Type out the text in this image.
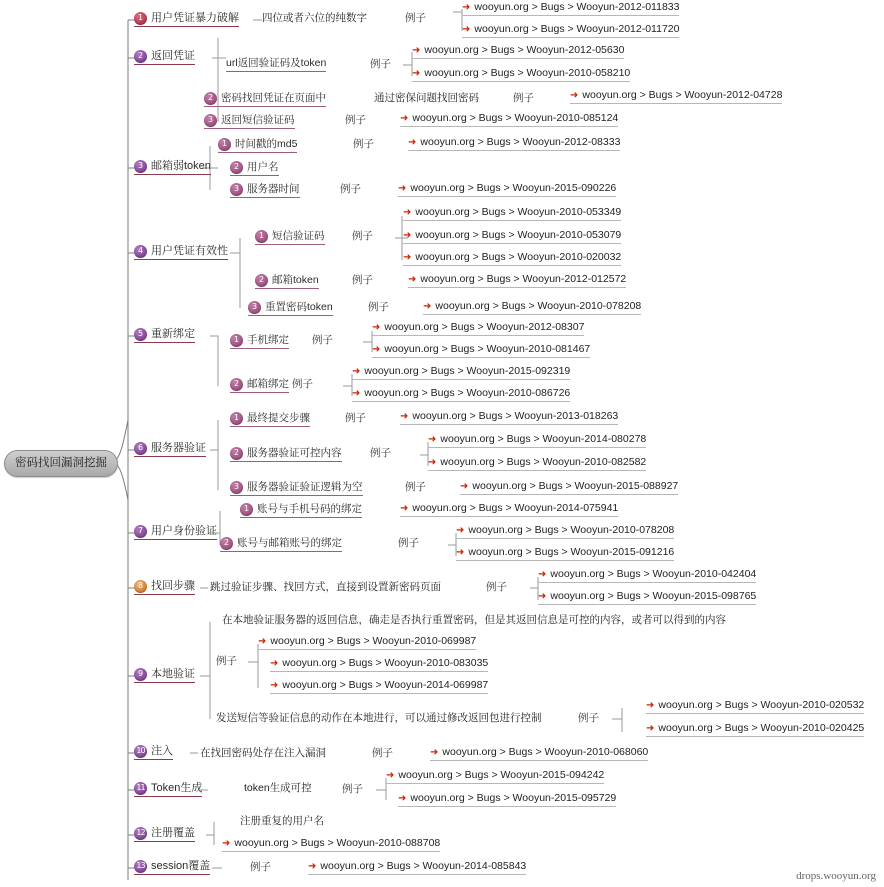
密码找回漏洞挖掘
1 用户凭证暴力破解 四位或者六位的纯数字	例子
➜ wooyun.org > Bugs > Wooyun-2012-011833
➜ wooyun.org > Bugs > Wooyun-2012-011720
2 返回凭证
url返回验证码及token	例子
➜ wooyun.org > Bugs > Wooyun-2012-05630
➜ wooyun.org > Bugs > Wooyun-2010-058210
2 密码找回凭证在页面中	通过密保问题找回密码	例子	➜ wooyun.org > Bugs > Wooyun-2012-04728
3 返回短信验证码	例子	➜ wooyun.org > Bugs > Wooyun-2010-085124
3 邮箱弱token
1 时间戳的md5	例子	➜ wooyun.org > Bugs > Wooyun-2012-08333
2 用户名
3 服务器时间	例子	➜ wooyun.org > Bugs > Wooyun-2015-090226
4 用户凭证有效性
1 短信验证码	例子
➜ wooyun.org > Bugs > Wooyun-2010-053349
➜ wooyun.org > Bugs > Wooyun-2010-053079
➜ wooyun.org > Bugs > Wooyun-2010-020032
2 邮箱token	例子	➜ wooyun.org > Bugs > Wooyun-2012-012572
3 重置密码token	例子	➜ wooyun.org > Bugs > Wooyun-2010-078208
5 重新绑定	1 手机绑定 例子
➜ wooyun.org > Bugs > Wooyun-2012-08307
➜ wooyun.org > Bugs > Wooyun-2010-081467
2 邮箱绑定 例子
➜ wooyun.org > Bugs > Wooyun-2015-092319
➜ wooyun.org > Bugs > Wooyun-2010-086726
6 服务器验证
1 最终提交步骤	例子	➜ wooyun.org > Bugs > Wooyun-2013-018263
2 服务器验证可控内容	例子
➜ wooyun.org > Bugs > Wooyun-2014-080278
➜ wooyun.org > Bugs > Wooyun-2010-082582
3 服务器验证验证逻辑为空	例子	➜ wooyun.org > Bugs > Wooyun-2015-088927
7 用户身份验证
1 账号与手机号码的绑定	➜ wooyun.org > Bugs > Wooyun-2014-075941
2 账号与邮箱账号的绑定	例子
➜ wooyun.org > Bugs > Wooyun-2010-078208
➜ wooyun.org > Bugs > Wooyun-2015-091216
8 找回步骤 跳过验证步骤、找回方式，直接到设置新密码页面	例子
➜ wooyun.org > Bugs > Wooyun-2010-042404
➜ wooyun.org > Bugs > Wooyun-2015-098765
9 本地验证
在本地验证服务器的返回信息，确走是否执行重置密码，但是其返回信息是可控的内容，或者可以得到的内容
例子
➜ wooyun.org > Bugs > Wooyun-2010-069987
➜ wooyun.org > Bugs > Wooyun-2010-083035
➜ wooyun.org > Bugs > Wooyun-2014-069987
发送短信等验证信息的动作在本地进行，可以通过修改返回包进行控制	例子
➜ wooyun.org > Bugs > Wooyun-2010-020532
➜ wooyun.org > Bugs > Wooyun-2010-020425
10 注入	在找回密码处存在注入漏洞	例子	➜ wooyun.org > Bugs > Wooyun-2010-068060
11 Token生成	token生成可控	例子
➜ wooyun.org > Bugs > Wooyun-2015-094242
➜ wooyun.org > Bugs > Wooyun-2015-095729
12 注册覆盖
注册重复的用户名
➜ wooyun.org > Bugs > Wooyun-2010-088708
13 session覆盖	例子	➜ wooyun.org > Bugs > Wooyun-2014-085843
drops.wooyun.org
